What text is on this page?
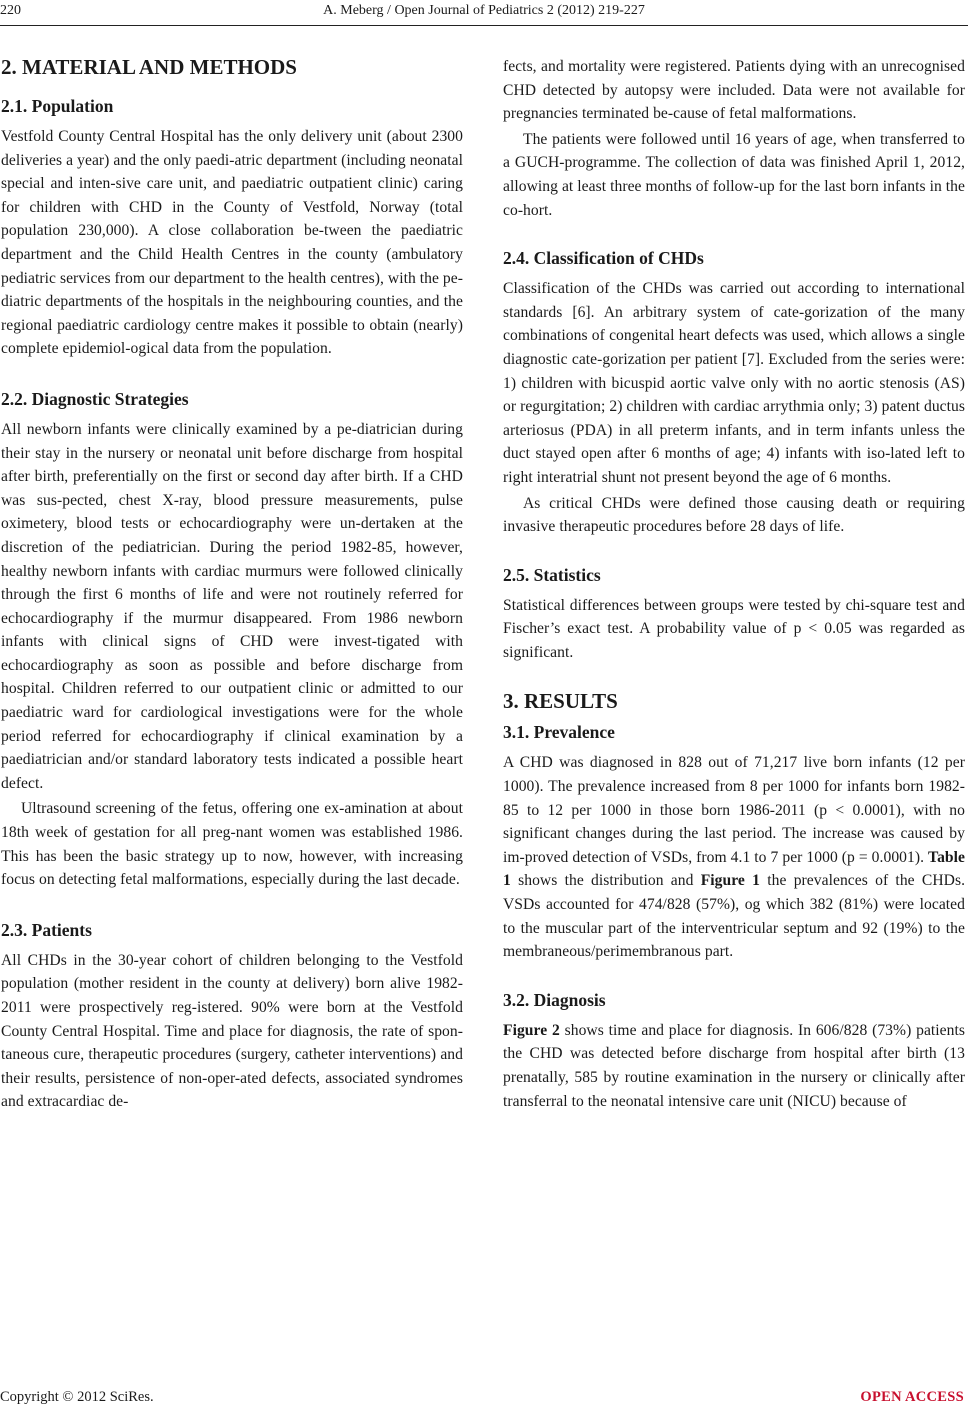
220	A. Meberg / Open Journal of Pediatrics 2 (2012) 219-227
2. MATERIAL AND METHODS
2.1. Population

Vestfold County Central Hospital has the only delivery unit (about 2300 deliveries a year) and the only paedi-atric department (including neonatal special and inten-sive care unit, and paediatric outpatient clinic) caring for children with CHD in the County of Vestfold, Norway (total population 230,000). A close collaboration be-tween the paediatric department and the Child Health Centres in the county (ambulatory pediatric services from our department to the health centres), with the pe-diatric departments of the hospitals in the neighbouring counties, and the regional paediatric cardiology centre makes it possible to obtain (nearly) complete epidemiol-ogical data from the population.

2.2. Diagnostic Strategies

All newborn infants were clinically examined by a pe-diatrician during their stay in the nursery or neonatal unit before discharge from hospital after birth, preferentially on the first or second day after birth. If a CHD was sus-pected, chest X-ray, blood pressure measurements, pulse oximetery, blood tests or echocardiography were un-dertaken at the discretion of the pediatrician. During the period 1982-85, however, healthy newborn infants with cardiac murmurs were followed clinically through the first 6 months of life and were not routinely referred for echocardiography if the murmur disappeared. From 1986 newborn infants with clinical signs of CHD were invest-tigated with echocardiography as soon as possible and before discharge from hospital. Children referred to our outpatient clinic or admitted to our paediatric ward for cardiological investigations were for the whole period referred for echocardiography if clinical examination by a paediatrician and/or standard laboratory tests indicated a possible heart defect.

Ultrasound screening of the fetus, offering one ex-amination at about 18th week of gestation for all preg-nant women was established 1986. This has been the basic strategy up to now, however, with increasing focus on detecting fetal malformations, especially during the last decade.

2.3. Patients

All CHDs in the 30-year cohort of children belonging to the Vestfold population (mother resident in the county at delivery) born alive 1982-2011 were prospectively reg-istered. 90% were born at the Vestfold County Central Hospital. Time and place for diagnosis, the rate of spon-taneous cure, therapeutic procedures (surgery, catheter interventions) and their results, persistence of non-oper-ated defects, associated syndromes and extracardiac de-

fects, and mortality were registered. Patients dying with an unrecognised CHD detected by autopsy were included. Data were not available for pregnancies terminated be-cause of fetal malformations.

The patients were followed until 16 years of age, when transferred to a GUCH-programme. The collection of data was finished April 1, 2012, allowing at least three months of follow-up for the last born infants in the co-hort.

2.4. Classification of CHDs

Classification of the CHDs was carried out according to international standards [6]. An arbitrary system of cate-gorization of the many combinations of congenital heart defects was used, which allows a single diagnostic cate-gorization per patient [7]. Excluded from the series were: 1) children with bicuspid aortic valve only with no aortic stenosis (AS) or regurgitation; 2) children with cardiac arrythmia only; 3) patent ductus arteriosus (PDA) in all preterm infants, and in term infants unless the duct stayed open after 6 months of age; 4) infants with iso-lated left to right interatrial shunt not present beyond the age of 6 months.

As critical CHDs were defined those causing death or requiring invasive therapeutic procedures before 28 days of life.

2.5. Statistics

Statistical differences between groups were tested by chi-square test and Fischer’s exact test. A probability value of p < 0.05 was regarded as significant.

3. RESULTS
3.1. Prevalence

A CHD was diagnosed in 828 out of 71,217 live born infants (12 per 1000). The prevalence increased from 8 per 1000 for infants born 1982-85 to 12 per 1000 in those born 1986-2011 (p < 0.0001), with no significant changes during the last period. The increase was caused by im-proved detection of VSDs, from 4.1 to 7 per 1000 (p = 0.0001). Table 1 shows the distribution and Figure 1 the prevalences of the CHDs. VSDs accounted for 474/828 (57%), og which 382 (81%) were located to the muscular part of the interventricular septum and 92 (19%) to the membraneous/perimembranous part.

3.2. Diagnosis

Figure 2 shows time and place for diagnosis. In 606/828 (73%) patients the CHD was detected before discharge from hospital after birth (13 prenatally, 585 by routine examination in the nursery or clinically after transferral to the neonatal intensive care unit (NICU) because of

Copyright © 2012 SciRes.	OPEN ACCESS
